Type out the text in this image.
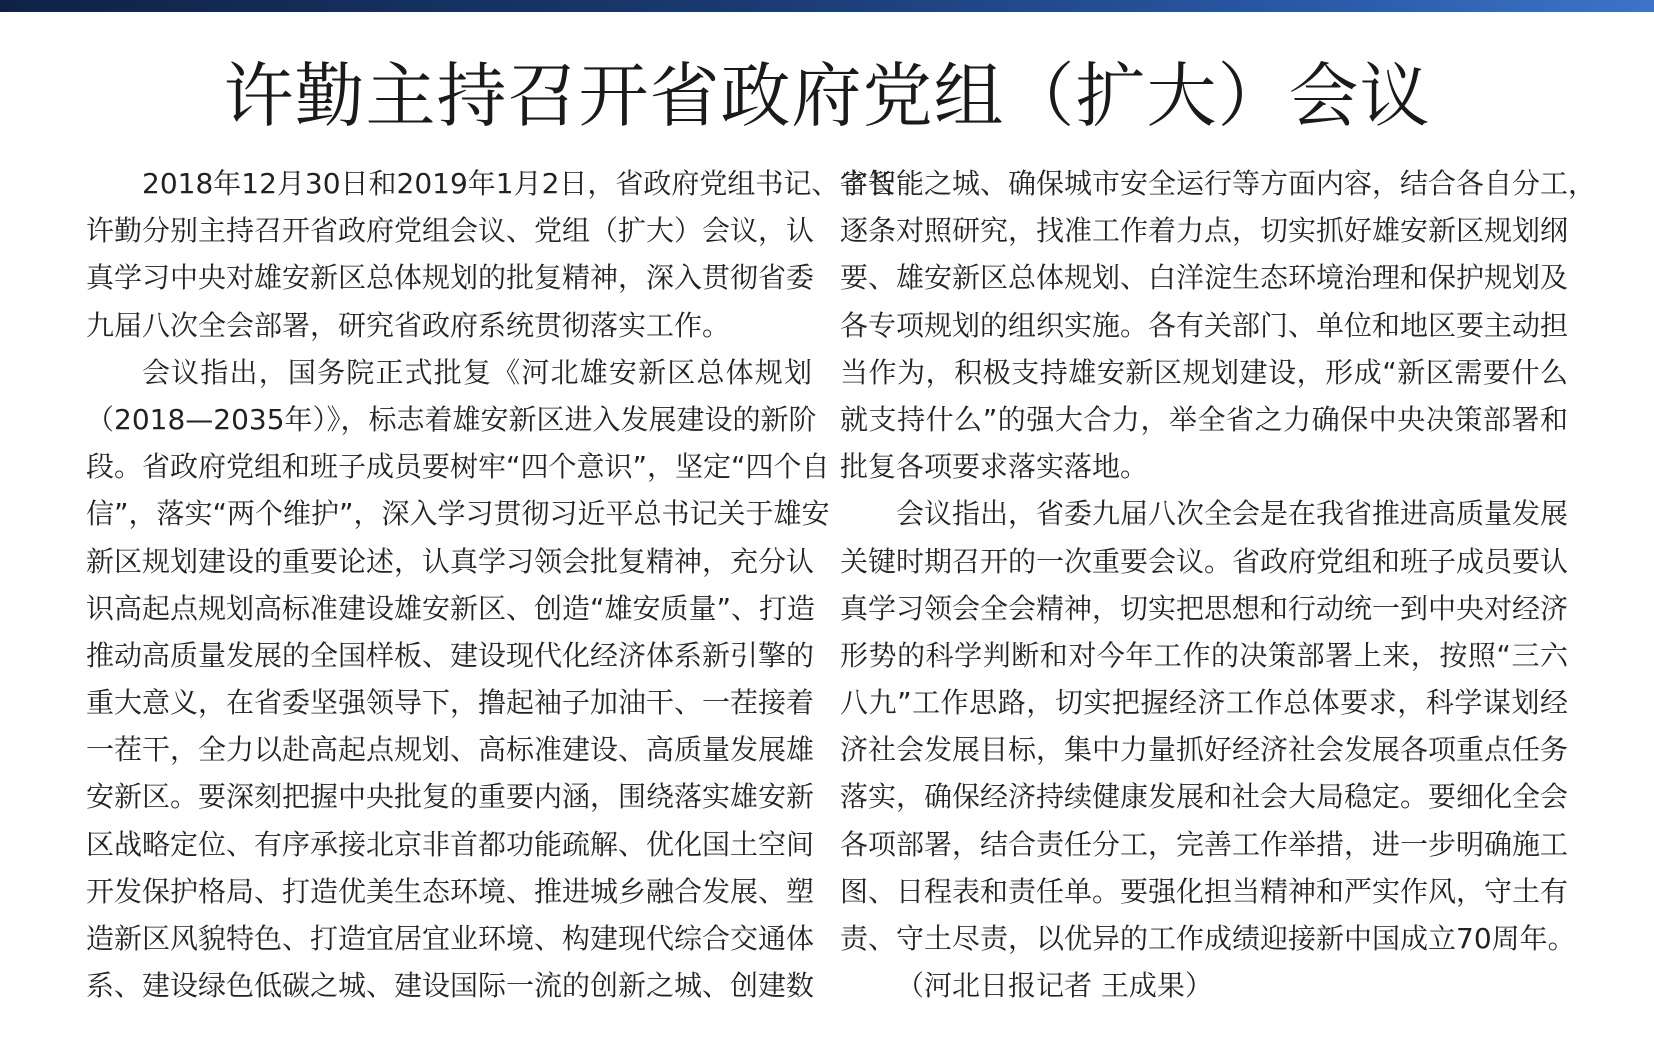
许勤主持召开省政府党组（扩大）会议
2018年12月30日和2019年1月2日，省政府党组书记、省长
许勤分别主持召开省政府党组会议、党组（扩大）会议，认
真学习中央对雄安新区总体规划的批复精神，深入贯彻省委
九届八次全会部署，研究省政府系统贯彻落实工作。
会议指出，国务院正式批复《河北雄安新区总体规划
（2018—2035年）》，标志着雄安新区进入发展建设的新阶
段。省政府党组和班子成员要树牢“四个意识”，坚定“四个自
信”，落实“两个维护”，深入学习贯彻习近平总书记关于雄安
新区规划建设的重要论述，认真学习领会批复精神，充分认
识高起点规划高标准建设雄安新区、创造“雄安质量”、打造
推动高质量发展的全国样板、建设现代化经济体系新引擎的
重大意义，在省委坚强领导下，撸起袖子加油干、一茬接着
一茬干，全力以赴高起点规划、高标准建设、高质量发展雄
安新区。要深刻把握中央批复的重要内涵，围绕落实雄安新
区战略定位、有序承接北京非首都功能疏解、优化国土空间
开发保护格局、打造优美生态环境、推进城乡融合发展、塑
造新区风貌特色、打造宜居宜业环境、构建现代综合交通体
系、建设绿色低碳之城、建设国际一流的创新之城、创建数
字智能之城、确保城市安全运行等方面内容，结合各自分工，
逐条对照研究，找准工作着力点，切实抓好雄安新区规划纲
要、雄安新区总体规划、白洋淀生态环境治理和保护规划及
各专项规划的组织实施。各有关部门、单位和地区要主动担
当作为，积极支持雄安新区规划建设，形成“新区需要什么
就支持什么”的强大合力，举全省之力确保中央决策部署和
批复各项要求落实落地。
会议指出，省委九届八次全会是在我省推进高质量发展
关键时期召开的一次重要会议。省政府党组和班子成员要认
真学习领会全会精神，切实把思想和行动统一到中央对经济
形势的科学判断和对今年工作的决策部署上来，按照“三六
八九”工作思路，切实把握经济工作总体要求，科学谋划经
济社会发展目标，集中力量抓好经济社会发展各项重点任务
落实，确保经济持续健康发展和社会大局稳定。要细化全会
各项部署，结合责任分工，完善工作举措，进一步明确施工
图、日程表和责任单。要强化担当精神和严实作风，守土有
责、守土尽责，以优异的工作成绩迎接新中国成立70周年。
（河北日报记者 王成果）
